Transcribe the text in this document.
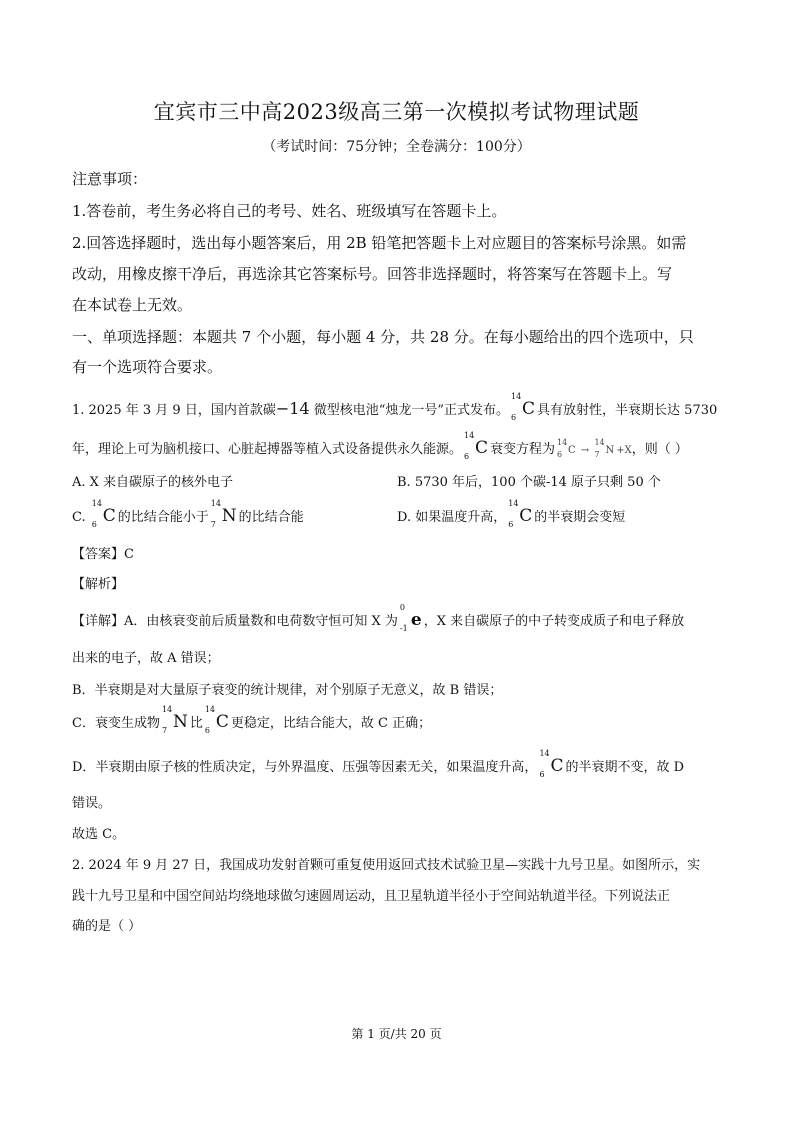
宜宾市三中高2023级高三第一次模拟考试物理试题
（考试时间：75分钟；全卷满分：100分）
注意事项：
1.答卷前，考生务必将自己的考号、姓名、班级填写在答题卡上。
2.回答选择题时，选出每小题答案后，用 2B 铅笔把答题卡上对应题目的答案标号涂黑。如需
改动，用橡皮擦干净后，再选涂其它答案标号。回答非选择题时，将答案写在答题卡上。写
在本试卷上无效。
一、单项选择题：本题共 7 个小题，每小题 4 分，共 28 分。在每小题给出的四个选项中，只
有一个选项符合要求。
1. 2025 年 3 月 9 日，国内首款碳−14 微型核电池“烛龙一号”正式发布。
14
6 C 具有放射性，半衰期长达 5730
年，理论上可为脑机接口、心脏起搏器等植入式设备提供永久能源。
14
6 C 衰变方程为 14
6 C →
14
7 N +X，则（ ）
A. X 来自碳原子的核外电子	B. 5730 年后，100 个碳-14 原子只剩 50 个
C.
14
6 C 的比结合能小于
14
7 N 的比结合能	D. 如果温度升高，
14
6 C 的半衰期会变短
【答案】C
【解析】
【详解】A．由核衰变前后质量数和电荷数守恒可知 X 为
0
-1 e ，X 来自碳原子的中子转变成质子和电子释放
出来的电子，故 A 错误；
B．半衰期是对大量原子衰变的统计规律，对个别原子无意义，故 B 错误；
C．衰变生成物
14
7 N 比
14
6 C 更稳定，比结合能大，故 C 正确；
D．半衰期由原子核的性质决定，与外界温度、压强等因素无关，如果温度升高，
14
6 C 的半衰期不变，故 D
错误。
故选 C。
2. 2024 年 9 月 27 日，我国成功发射首颗可重复使用返回式技术试验卫星—实践十九号卫星。如图所示，实
践十九号卫星和中国空间站均绕地球做匀速圆周运动，且卫星轨道半径小于空间站轨道半径。下列说法正
确的是（ ）
第 1 页/共 20 页
